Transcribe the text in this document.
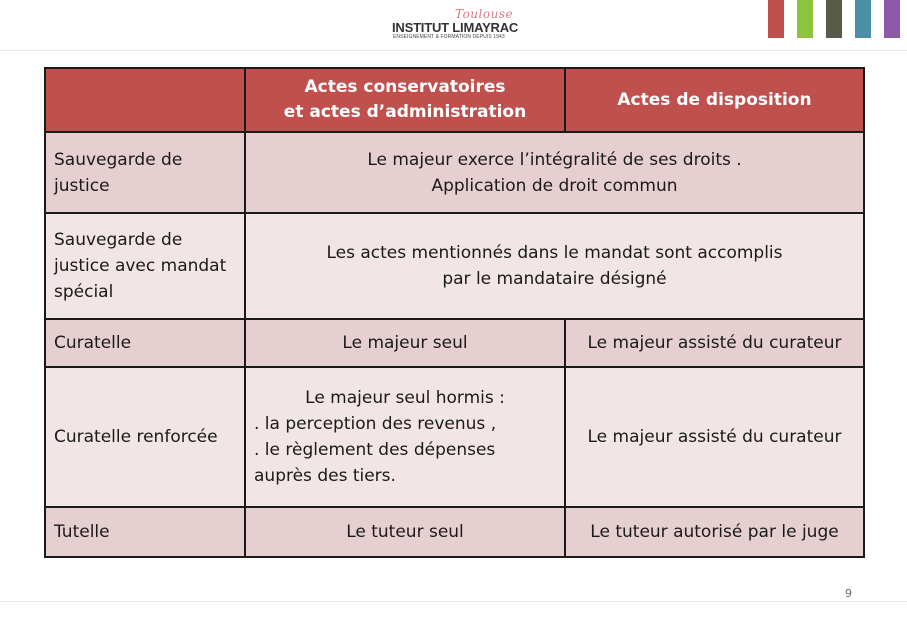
Toulouse
INSTITUT LIMAYRAC
ENSEIGNEMENT & FORMATION DEPUIS 1943

	Actes conservatoires
et actes d’administration	Actes de disposition
Sauvegarde de justice	Le majeur exerce l’intégralité de ses droits .
Application de droit commun	

Sauvegarde de justice avec mandat spécial	Les actes mentionnés dans le mandat sont accomplis
par le mandataire désigné	

Curatelle	Le majeur seul	Le majeur assisté du curateur
Curatelle renforcée	Le majeur seul hormis :
. la perception des revenus ,
. le règlement des dépenses
auprès des tiers.	Le majeur assisté du curateur
Tutelle	Le tuteur seul	Le tuteur autorisé par le juge
9
